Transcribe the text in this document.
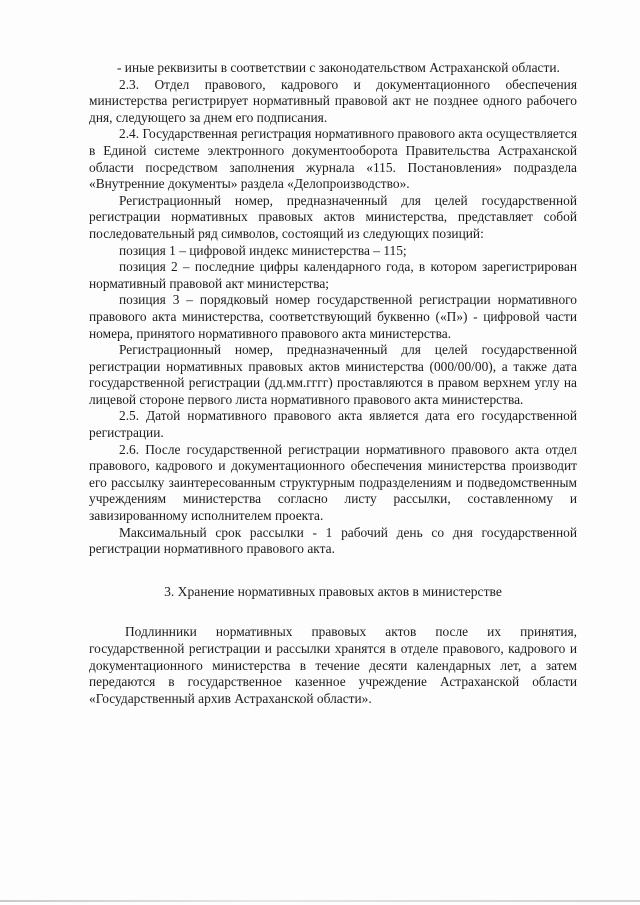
- иные реквизиты в соответствии с законодательством Астраханской области.

2.3. Отдел правового, кадрового и документационного обеспечения министерства регистрирует нормативный правовой акт не позднее одного рабочего дня, следующего за днем его подписания.

2.4. Государственная регистрация нормативного правового акта осуществляется в Единой системе электронного документооборота Правительства Астраханской области посредством заполнения журнала «115. Постановления» подраздела «Внутренние документы» раздела «Делопроизводство».

Регистрационный номер, предназначенный для целей государственной регистрации нормативных правовых актов министерства, представляет собой последовательный ряд символов, состоящий из следующих позиций:

позиция 1 – цифровой индекс министерства – 115;

позиция 2 – последние цифры календарного года, в котором зарегистрирован нормативный правовой акт министерства;

позиция 3 – порядковый номер государственной регистрации нормативного правового акта министерства, соответствующий буквенно («П») - цифровой части номера, принятого нормативного правового акта министерства.

Регистрационный номер, предназначенный для целей государственной регистрации нормативных правовых актов министерства (000/00/00), а также дата государственной регистрации (дд.мм.гггг) проставляются в правом верхнем углу на лицевой стороне первого листа нормативного правового акта министерства.

2.5. Датой нормативного правового акта является дата его государственной регистрации.

2.6. После государственной регистрации нормативного правового акта отдел правового, кадрового и документационного обеспечения министерства производит его рассылку заинтересованным структурным подразделениям и подведомственным учреждениям министерства согласно листу рассылки, составленному и завизированному исполнителем проекта.

Максимальный срок рассылки - 1 рабочий день со дня государственной регистрации нормативного правового акта.

3. Хранение нормативных правовых актов в министерстве

Подлинники нормативных правовых актов после их принятия, государственной регистрации и рассылки хранятся в отделе правового, кадрового и документационного министерства в течение десяти календарных лет, а затем передаются в государственное казенное учреждение Астраханской области «Государственный архив Астраханской области».
